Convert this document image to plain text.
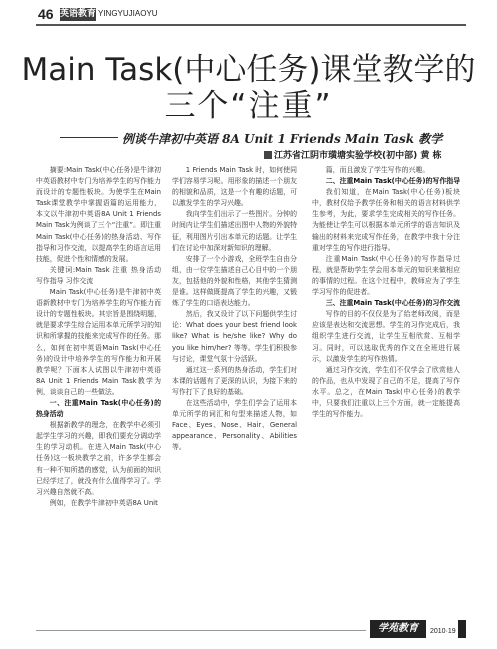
46 英语教育 YINGYUJIAOYU
Main Task(中心任务)课堂教学的
三个“注重”
例谈牛津初中英语 8A Unit 1 Friends Main Task 教学
江苏省江阴市璜塘实验学校(初中部) 黄 栋

摘要:Main Task(中心任务)是牛津初中英语教材中专门为培养学生的写作能力而设计的专题性板块。为使学生在Main Task课堂教学中掌握语篇的运用能力，本文以牛津初中英语8A Unit 1 Friends Main Task为例谈了三个“注重”。即注重Main Task(中心任务)的热身活动、写作指导和习作交流，以提高学生的语言运用技能，促进个性和情感的发展。

关键词:Main Task 注重 热身活动 写作指导 习作交流

Main Task(中心任务)是牛津初中英语新教材中专门为培养学生的写作能力而设计的专题性板块。其宗旨是围绕明题，就是要求学生综合运用本单元所学习的知识和所掌握的技能来完成写作的任务。那么，如何在初中英语Main Task(中心任务)的设计中培养学生的写作能力和开展教学呢？下面本人试图以牛津初中英语8A Unit 1 Friends Main Task教学为例，谈谈自己的一些做法。

一、注重Main Task(中心任务)的热身活动

根据新教学的理念，在教学中必须引起学生学习的兴趣，即我们要充分调动学生的学习动机。在进入Main Task(中心任务)这一板块教学之前，许多学生都会有一种不知所措的感觉，认为前面的知识已经学过了，就没有什么值得学习了。学习兴趣自然就不高。

例如，在教学牛津初中英语8A Unit

1 Friends Main Task 时，如何使同学们容易学习呢。用形象的描述一个朋友的相貌和品质，这是一个有趣的话题，可以激发学生的学习兴趣。

我向学生们出示了一些图片。分钟的时间内让学生们描述出图中人物的外貌特征，利用图片引出本单元的话题。让学生们在讨论中加深对新知识的理解。

安排了一个小游戏，全班学生自由分组，由一位学生描述自己心目中的一个朋友，包括他的外貌和性格，其他学生猜测是谁。这样做既提高了学生的兴趣，又锻炼了学生的口语表达能力。

然后，我又设计了以下问题供学生讨论：What does your best friend look like? What is he/she like? Why do you like him/her? 等等。学生们积极参与讨论，课堂气氛十分活跃。

通过这一系列的热身活动，学生们对本课的话题有了更深的认识，为接下来的写作打下了良好的基础。

在这些活动中，学生们学会了运用本单元所学的词汇和句型来描述人物，如 Face、Eyes、Nose、Hair、General appearance、Personality、Abilities 等。

篇，而且激发了学生写作的兴趣。

二、注重Main Task(中心任务)的写作指导

我们知道，在Main Task(中心任务)板块中，教材仅给予教学任务和相关的语言材料供学生参考，为此，要求学生完成相关的写作任务。为能使让学生可以根据本单元所学的语言知识及输出的材料来完成写作任务，在教学中我十分注重对学生的写作进行指导。

注重Main Task(中心任务)的写作指导过程，就是帮助学生学会用本单元的知识来做相应的事情的过程。在这个过程中，教师应为了学生学习写作的促进者。

三、注重Main Task(中心任务)的习作交流

写作的目的不仅仅是为了给老师改阅，而是应该是表达和交流思想。学生的习作完成后，我组织学生进行交流，让学生互相欣赏、互相学习。同时，可以选取优秀的作文在全班进行展示，以激发学生的写作热情。

通过习作交流，学生们不仅学会了欣赏他人的作品，也从中发现了自己的不足，提高了写作水平。总之，在Main Task(中心任务)的教学中，只要我们注重以上三个方面，就一定能提高学生的写作能力。

学苑教育	2010·19
